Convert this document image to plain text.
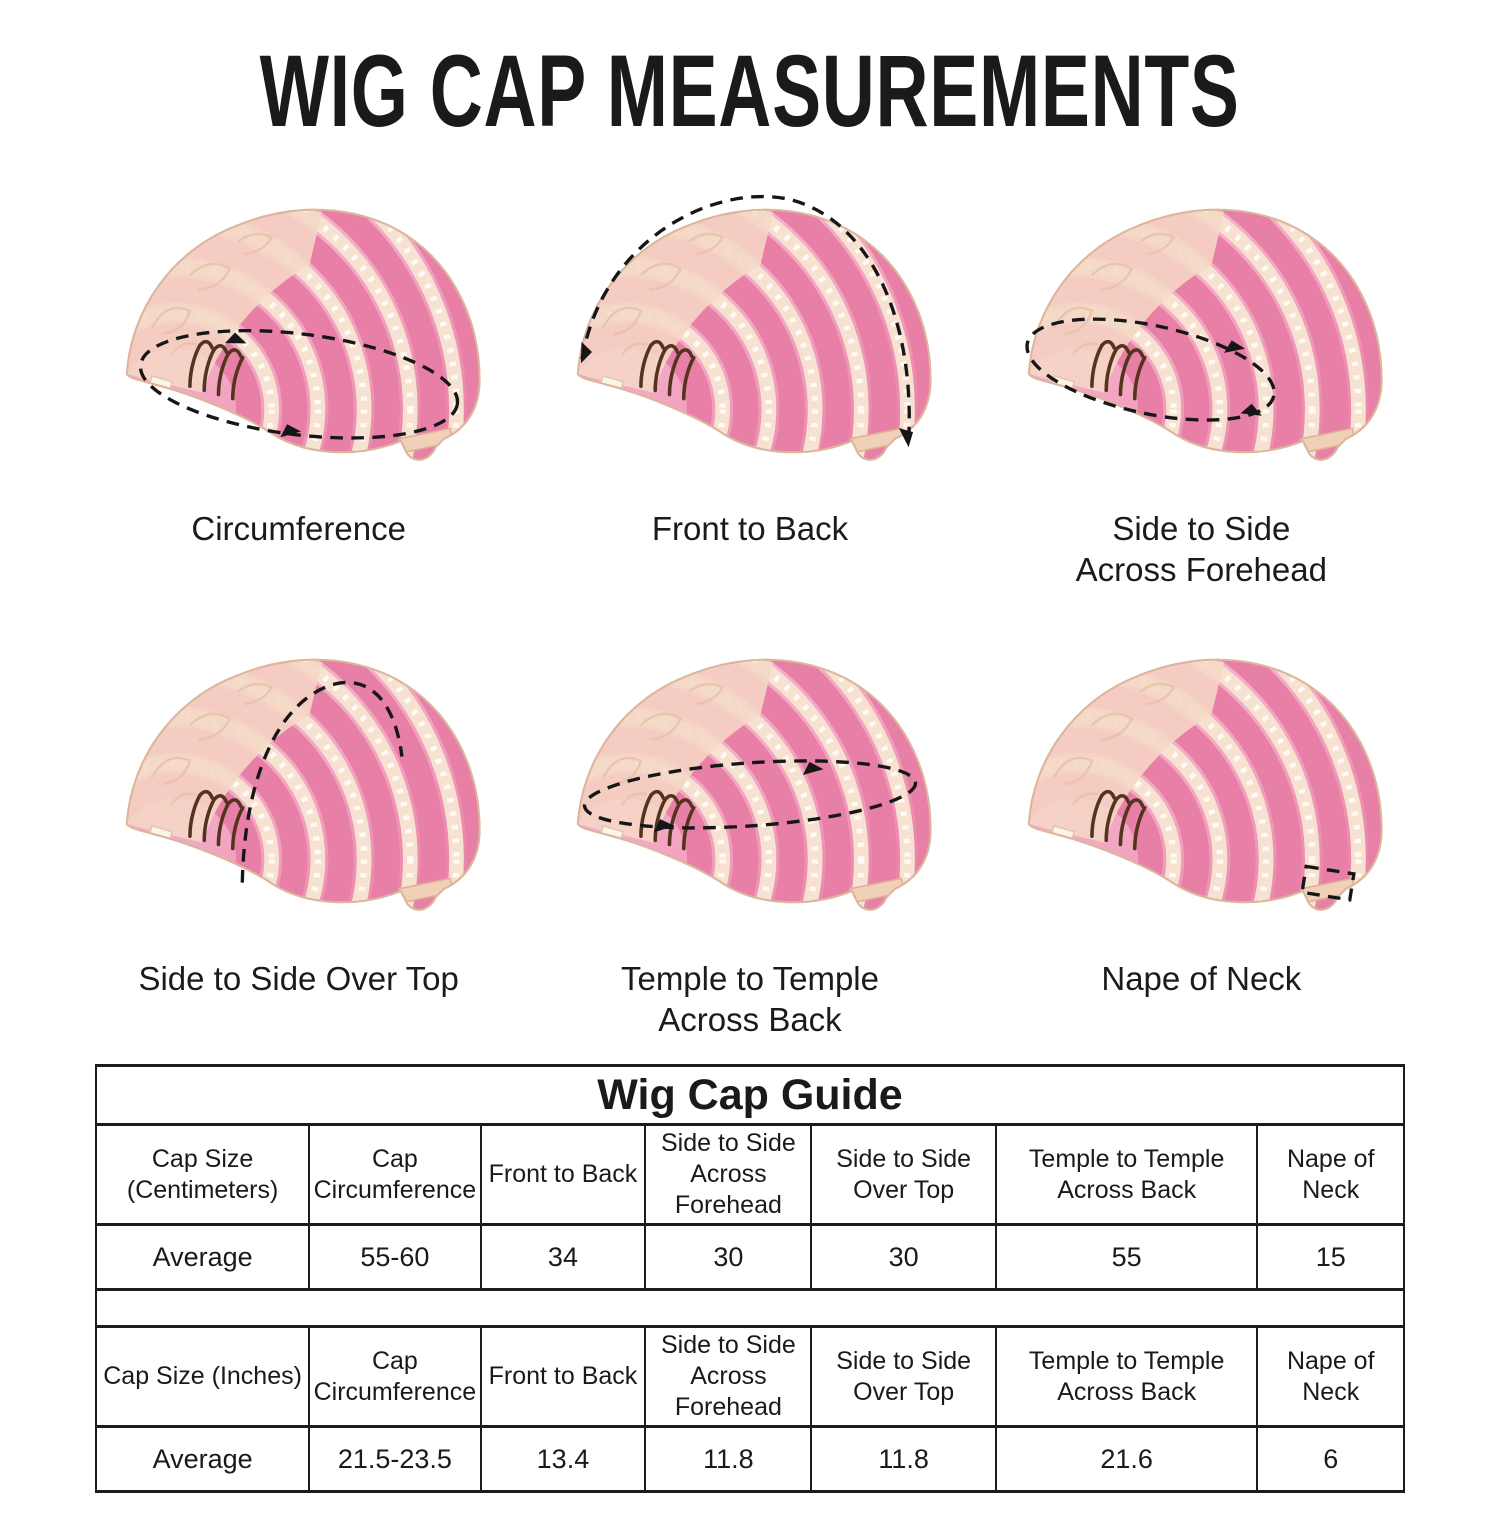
WIG CAP MEASUREMENTS
Circumference	Front to Back	Side to Side
Across Forehead
Side to Side Over Top	Temple to Temple
Across Back
Nape of Neck
Wig Cap Guide						
Cap Size (Centimeters)	Cap Circumference	Front to Back	Side to Side Across Forehead	Side to Side Over Top	Temple to Temple Across Back	Nape of Neck
Average	55-60	34	30	30	55	15

Cap Size (Inches)	Cap Circumference	Front to Back	Side to Side Across Forehead	Side to Side Over Top	Temple to Temple Across Back	Nape of Neck
Average	21.5-23.5	13.4	11.8	11.8	21.6	6
